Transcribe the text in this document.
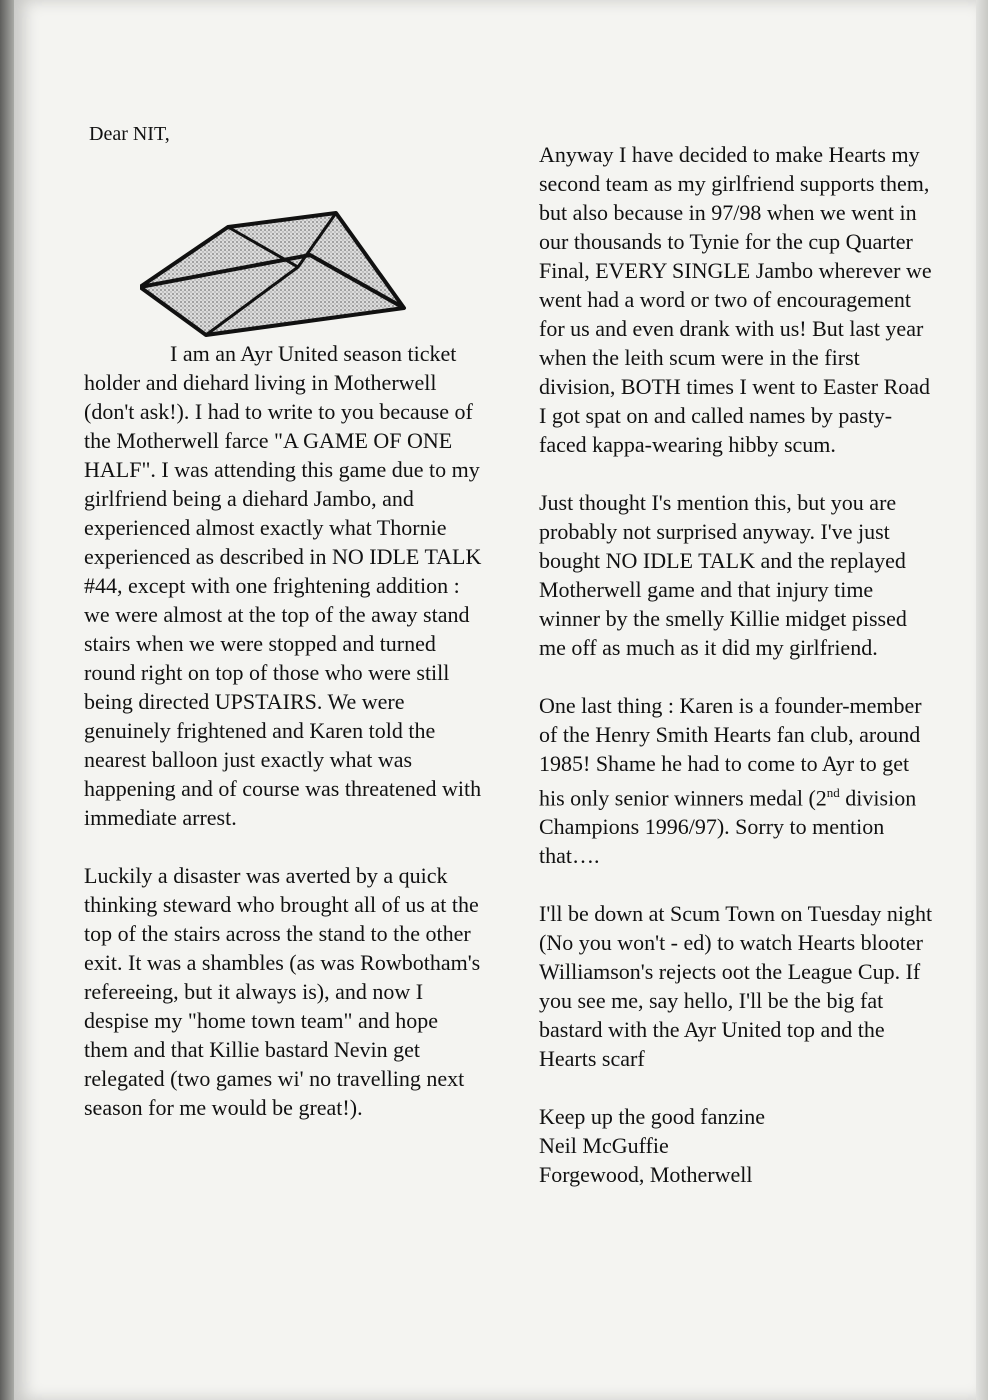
Dear NIT,

I am an Ayr United season ticket holder and diehard living in Motherwell (don't ask!). I had to write to you because of the Motherwell farce "A GAME OF ONE HALF". I was attending this game due to my girlfriend being a diehard Jambo, and experienced almost exactly what Thornie experienced as described in NO IDLE TALK #44, except with one frightening addition : we were almost at the top of the away stand stairs when we were stopped and turned round right on top of those who were still being directed UPSTAIRS. We were genuinely frightened and Karen told the nearest balloon just exactly what was happening and of course was threatened with immediate arrest.

Luckily a disaster was averted by a quick thinking steward who brought all of us at the top of the stairs across the stand to the other exit. It was a shambles (as was Rowbotham's refereeing, but it always is), and now I despise my "home town team" and hope them and that Killie bastard Nevin get relegated (two games wi' no travelling next season for me would be great!).

Anyway I have decided to make Hearts my second team as my girlfriend supports them, but also because in 97/98 when we went in our thousands to Tynie for the cup Quarter Final, EVERY SINGLE Jambo wherever we went had a word or two of encouragement for us and even drank with us! But last year when the leith scum were in the first division, BOTH times I went to Easter Road I got spat on and called names by pasty-faced kappa-wearing hibby scum.

Just thought I's mention this, but you are probably not surprised anyway. I've just bought NO IDLE TALK and the replayed Motherwell game and that injury time winner by the smelly Killie midget pissed me off as much as it did my girlfriend.

One last thing : Karen is a founder-member of the Henry Smith Hearts fan club, around 1985! Shame he had to come to Ayr to get his only senior winners medal (2nd division Champions 1996/97). Sorry to mention that….

I'll be down at Scum Town on Tuesday night (No you won't - ed) to watch Hearts blooter Williamson's rejects oot the League Cup. If you see me, say hello, I'll be the big fat bastard with the Ayr United top and the Hearts scarf

Keep up the good fanzine
Neil McGuffie
Forgewood, Motherwell
